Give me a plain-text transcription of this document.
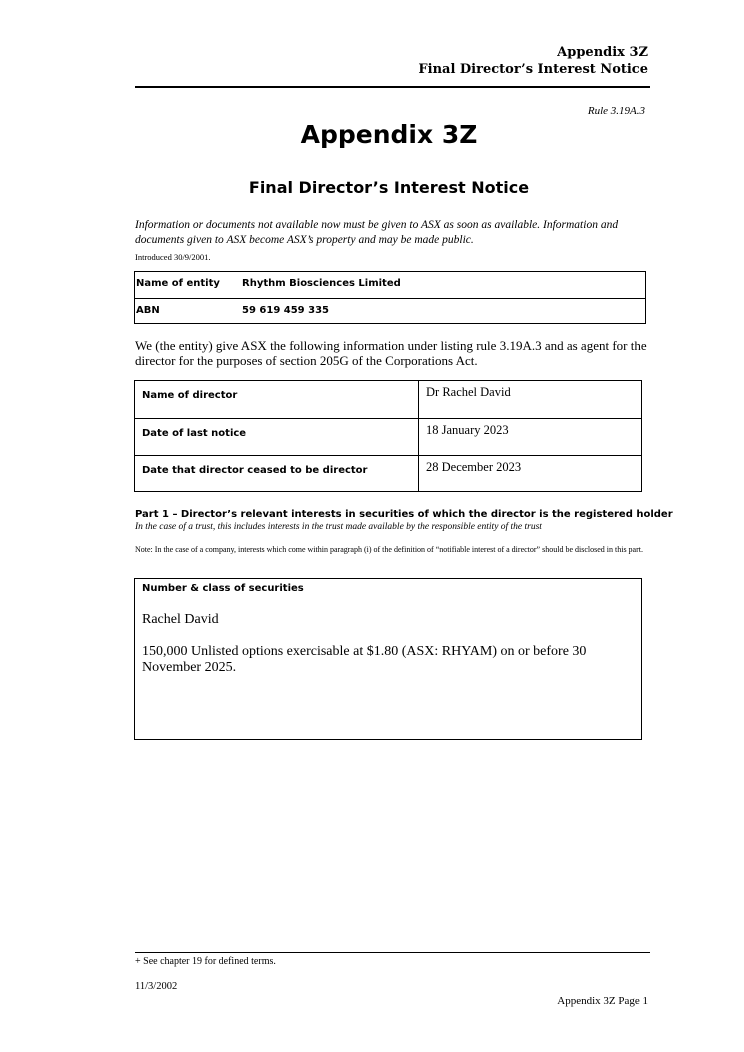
Appendix 3Z
Final Director’s Interest Notice
Rule 3.19A.3
Appendix 3Z
Final Director’s Interest Notice
Information or documents not available now must be given to ASX as soon as available. Information and documents given to ASX become ASX’s property and may be made public.
Introduced 30/9/2001.
Name of entity Rhythm Biosciences Limited
ABN	59 619 459 335
We (the entity) give ASX the following information under listing rule 3.19A.3 and as agent for the director for the purposes of section 205G of the Corporations Act.
Name of director	Dr Rachel David
Date of last notice	18 January 2023
Date that director ceased to be director	28 December 2023
Part 1 – Director’s relevant interests in securities of which the director is the registered holder
In the case of a trust, this includes interests in the trust made available by the responsible entity of the trust
Note: In the case of a company, interests which come within paragraph (i) of the definition of “notifiable interest of a director” should be disclosed in this part.
Number & class of securities
Rachel David
150,000 Unlisted options exercisable at $1.80 (ASX: RHYAM) on or before 30 November 2025.
+ See chapter 19 for defined terms.
11/3/2002
Appendix 3Z Page 1
